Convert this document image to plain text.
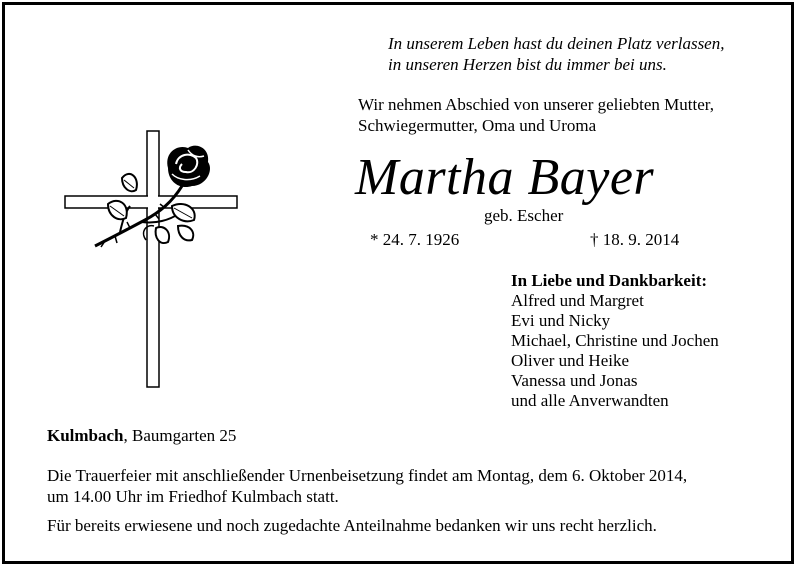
In unserem Leben hast du deinen Platz verlassen,
in unseren Herzen bist du immer bei uns.
Wir nehmen Abschied von unserer geliebten Mutter,
Schwiegermutter, Oma und Uroma
Martha Bayer
geb. Escher
* 24. 7. 1926	† 18. 9. 2014
In Liebe und Dankbarkeit:
Alfred und Margret
Evi und Nicky
Michael, Christine und Jochen
Oliver und Heike
Vanessa und Jonas
und alle Anverwandten
Kulmbach, Baumgarten 25
Die Trauerfeier mit anschließender Urnenbeisetzung findet am Montag, dem 6. Oktober 2014,
um 14.00 Uhr im Friedhof Kulmbach statt.
Für bereits erwiesene und noch zugedachte Anteilnahme bedanken wir uns recht herzlich.
